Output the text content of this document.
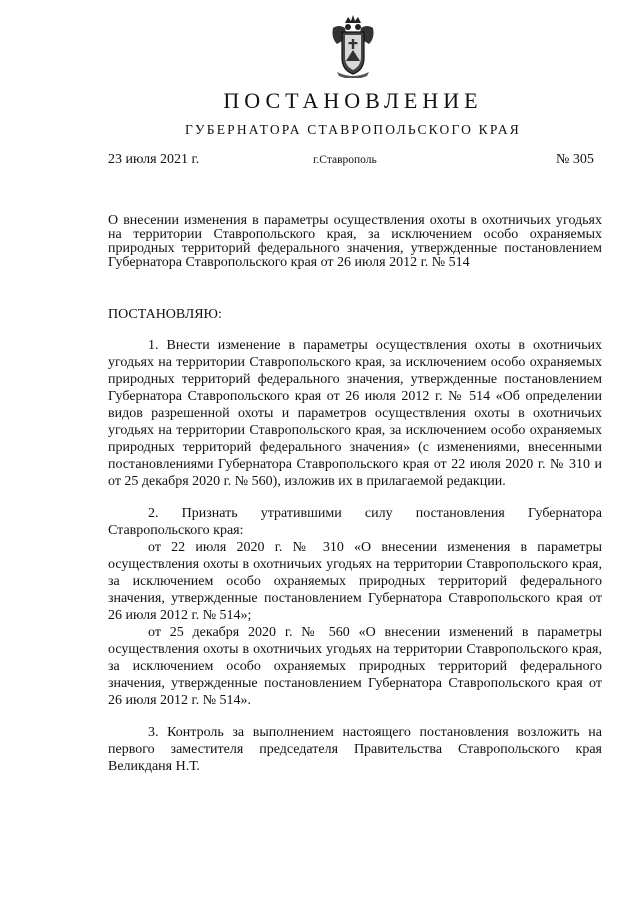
ПОСТАНОВЛЕНИЕ
ГУБЕРНАТОРА СТАВРОПОЛЬСКОГО КРАЯ
23 июля 2021 г.	г.Ставрополь	№ 305
О внесении изменения в параметры осуществления охоты в охотничьих угодьях на территории Ставропольского края, за исключением особо охраняемых природных территорий федерального значения, утвержденные постановлением Губернатора Ставропольского края от 26 июля 2012 г. № 514
ПОСТАНОВЛЯЮ:

1. Внести изменение в параметры осуществления охоты в охотничьих угодьях на территории Ставропольского края, за исключением особо охраняемых природных территорий федерального значения, утвержденные постановлением Губернатора Ставропольского края от 26 июля 2012 г. № 514 «Об определении видов разрешенной охоты и параметров осуществления охоты в охотничьих угодьях на территории Ставропольского края, за исключением особо охраняемых природных территорий федерального значения» (с изменениями, внесенными постановлениями Губернатора Ставропольского края от 22 июля 2020 г. № 310 и от 25 декабря 2020 г. № 560), изложив их в прилагаемой редакции.

2. Признать утратившими силу постановления Губернатора Ставропольского края:

от 22 июля 2020 г. № 310 «О внесении изменения в параметры осуществления охоты в охотничьих угодьях на территории Ставропольского края, за исключением особо охраняемых природных территорий федерального значения, утвержденные постановлением Губернатора Ставропольского края от 26 июля 2012 г. № 514»;

от 25 декабря 2020 г. № 560 «О внесении изменений в параметры осуществления охоты в охотничьих угодьях на территории Ставропольского края, за исключением особо охраняемых природных территорий федерального значения, утвержденные постановлением Губернатора Ставропольского края от 26 июля 2012 г. № 514».

3. Контроль за выполнением настоящего постановления возложить на первого заместителя председателя Правительства Ставропольского края Великданя Н.Т.
